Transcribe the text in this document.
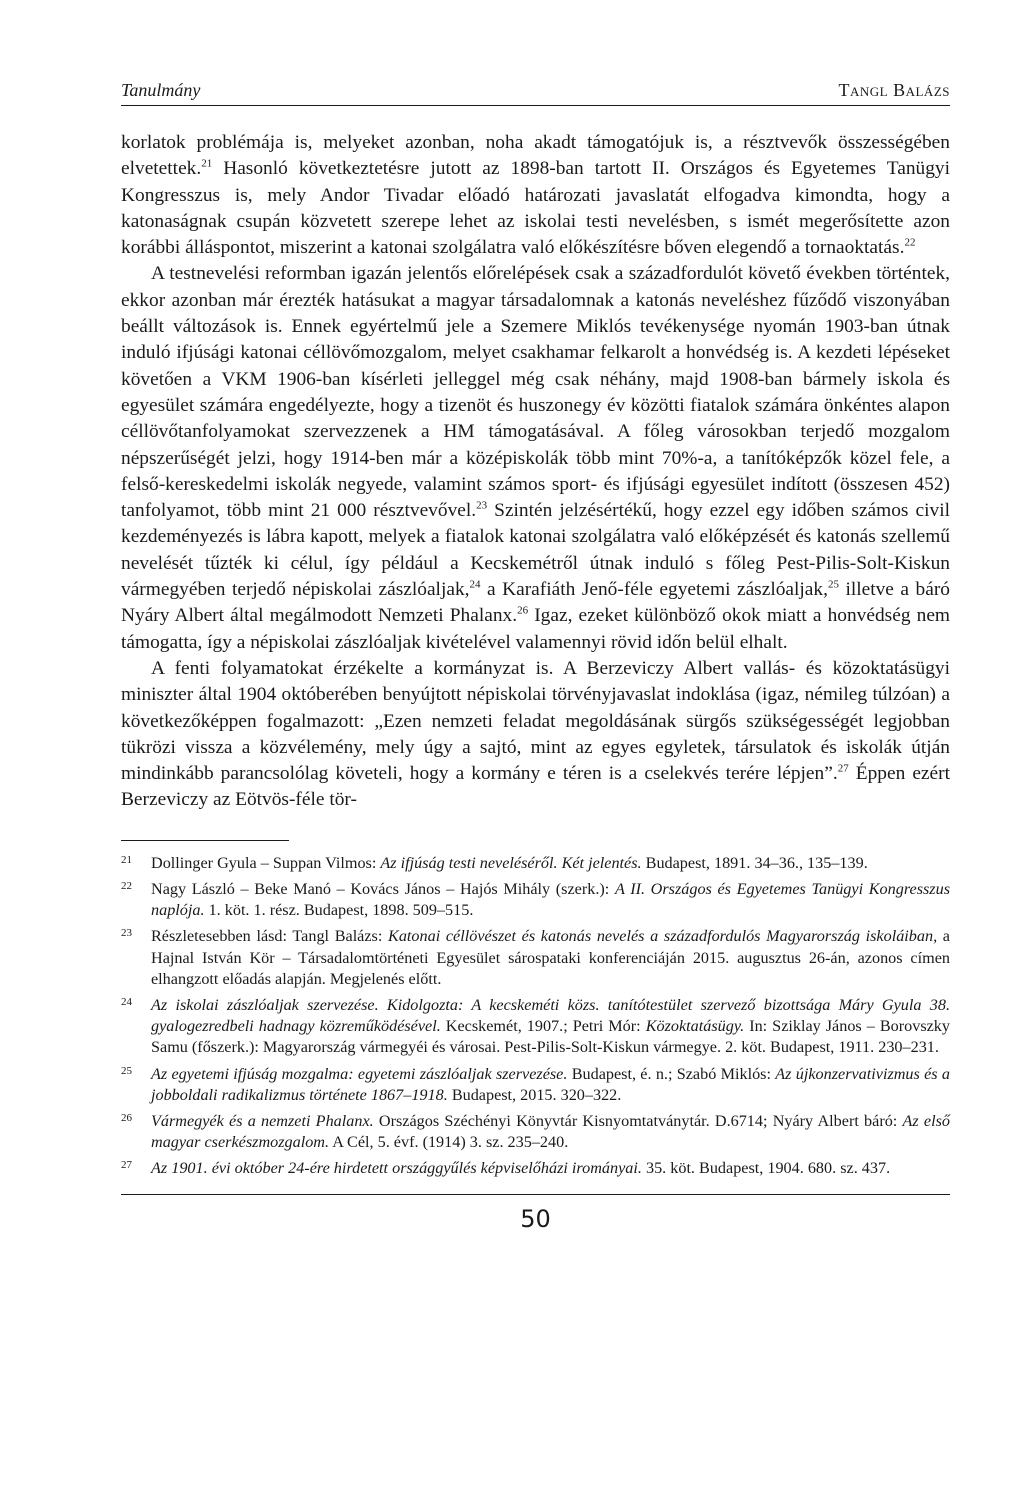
Tanulmány	Tangl Balázs

korlatok problémája is, melyeket azonban, noha akadt támogatójuk is, a résztvevők összességében elvetettek.$^{21}$ Hasonló következtetésre jutott az 1898-ban tartott II. Országos és Egyetemes Tanügyi Kongresszus is, mely Andor Tivadar előadó határozati javaslatát elfogadva kimondta, hogy a katonaságnak csupán közvetett szerepe lehet az iskolai testi nevelésben, s ismét megerősítette azon korábbi álláspontot, miszerint a katonai szolgálatra való előkészítésre bőven elegendő a tornaoktatás.$^{22}$

A testnevelési reformban igazán jelentős előrelépések csak a századfordulót követő években történtek, ekkor azonban már érezték hatásukat a magyar társadalomnak a katonás neveléshez fűződő viszonyában beállt változások is. Ennek egyértelmű jele a Szemere Miklós tevékenysége nyomán 1903-ban útnak induló ifjúsági katonai céllövőmozgalom, melyet csakhamar felkarolt a honvédség is. A kezdeti lépéseket követően a VKM 1906-ban kísérleti jelleggel még csak néhány, majd 1908-ban bármely iskola és egyesület számára engedélyezte, hogy a tizenöt és huszonegy év közötti fiatalok számára önkéntes alapon céllövőtanfolyamokat szervezzenek a HM támogatásával. A főleg városokban terjedő mozgalom népszerűségét jelzi, hogy 1914-ben már a középiskolák több mint 70%-a, a tanítóképzők közel fele, a felső-kereskedelmi iskolák negyede, valamint számos sport- és ifjúsági egyesület indított (összesen 452) tanfolyamot, több mint 21 000 résztvevővel.$^{23}$ Szintén jelzésértékű, hogy ezzel egy időben számos civil kezdeményezés is lábra kapott, melyek a fiatalok katonai szolgálatra való előképzését és katonás szellemű nevelését tűzték ki célul, így például a Kecskemétről útnak induló s főleg Pest-Pilis-Solt-Kiskun vármegyében terjedő népiskolai zászlóaljak,$^{24}$ a Karafiáth Jenő-féle egyetemi zászlóaljak,$^{25}$ illetve a báró Nyáry Albert által megálmodott Nemzeti Phalanx.$^{26}$ Igaz, ezeket különböző okok miatt a honvédség nem támogatta, így a népiskolai zászlóaljak kivételével valamennyi rövid időn belül elhalt.

A fenti folyamatokat érzékelte a kormányzat is. A Berzeviczy Albert vallás- és közoktatásügyi miniszter által 1904 októberében benyújtott népiskolai törvényjavaslat indoklása (igaz, némileg túlzóan) a következőképpen fogalmazott: „Ezen nemzeti feladat megoldásának sürgős szükségességét legjobban tükrözi vissza a közvélemény, mely úgy a sajtó, mint az egyes egyletek, társulatok és iskolák útján mindinkább parancsolólag követeli, hogy a kormány e téren is a cselekvés terére lépjen”.$^{27}$ Éppen ezért Berzeviczy az Eötvös-féle tör-

21	Dollinger Gyula – Suppan Vilmos: Az ifjúság testi neveléséről. Két jelentés. Budapest, 1891. 34–36., 135–139.
22	Nagy László – Beke Manó – Kovács János – Hajós Mihály (szerk.): A II. Országos és Egyetemes Tanügyi Kongresszus naplója. 1. köt. 1. rész. Budapest, 1898. 509–515.
23	Részletesebben lásd: Tangl Balázs: Katonai céllövészet és katonás nevelés a századfordulós Magyarország iskoláiban, a Hajnal István Kör – Társadalomtörténeti Egyesület sárospataki konferenciáján 2015. augusztus 26-án, azonos címen elhangzott előadás alapján. Megjelenés előtt.
24	Az iskolai zászlóaljak szervezése. Kidolgozta: A kecskeméti közs. tanítótestület szervező bizottsága Máry Gyula 38. gyalogezredbeli hadnagy közreműködésével. Kecskemét, 1907.; Petri Mór: Közoktatásügy. In: Sziklay János – Borovszky Samu (főszerk.): Magyarország vármegyéi és városai. Pest-Pilis-Solt-Kiskun vármegye. 2. köt. Budapest, 1911. 230–231.
25	Az egyetemi ifjúság mozgalma: egyetemi zászlóaljak szervezése. Budapest, é. n.; Szabó Miklós: Az újkonzervativizmus és a jobboldali radikalizmus története 1867–1918. Budapest, 2015. 320–322.
26	Vármegyék és a nemzeti Phalanx. Országos Széchényi Könyvtár Kisnyomtatványtár. D.6714; Nyáry Albert báró: Az első magyar cserkészmozgalom. A Cél, 5. évf. (1914) 3. sz. 235–240.
27	Az 1901. évi október 24-ére hirdetett országgyűlés képviselőházi irományai. 35. köt. Budapest, 1904. 680. sz. 437.
50
